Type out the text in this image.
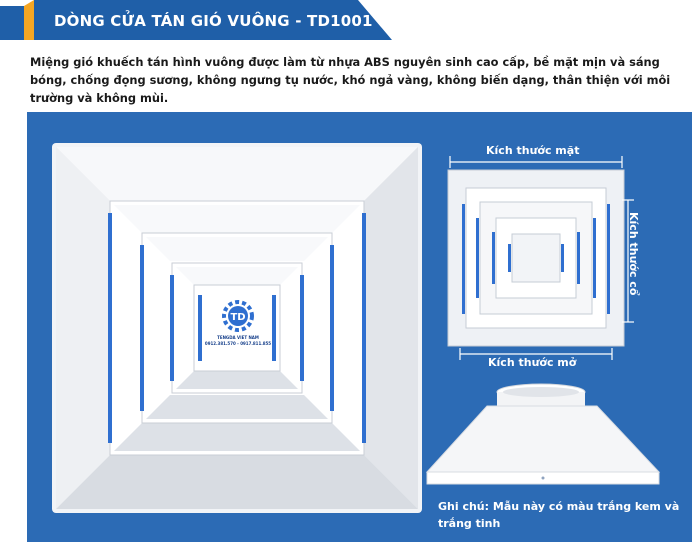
DÒNG CỬA TÁN GIÓ VUÔNG - TD1001
Miệng gió khuếch tán hình vuông được làm từ nhựa ABS nguyên sinh cao cấp, bề mặt mịn và sáng bóng, chống đọng sương, không ngưng tụ nước, khó ngả vàng, không biến dạng, thân thiện với môi trường và không mùi.
TD
TENGDA VIET NAM
0912.381.570 - 0917.811.855
Kích thước mặt
Kích thước mở
Kích thước cổ
Ghi chú: Mẫu này có màu trắng kem và trắng tinh
